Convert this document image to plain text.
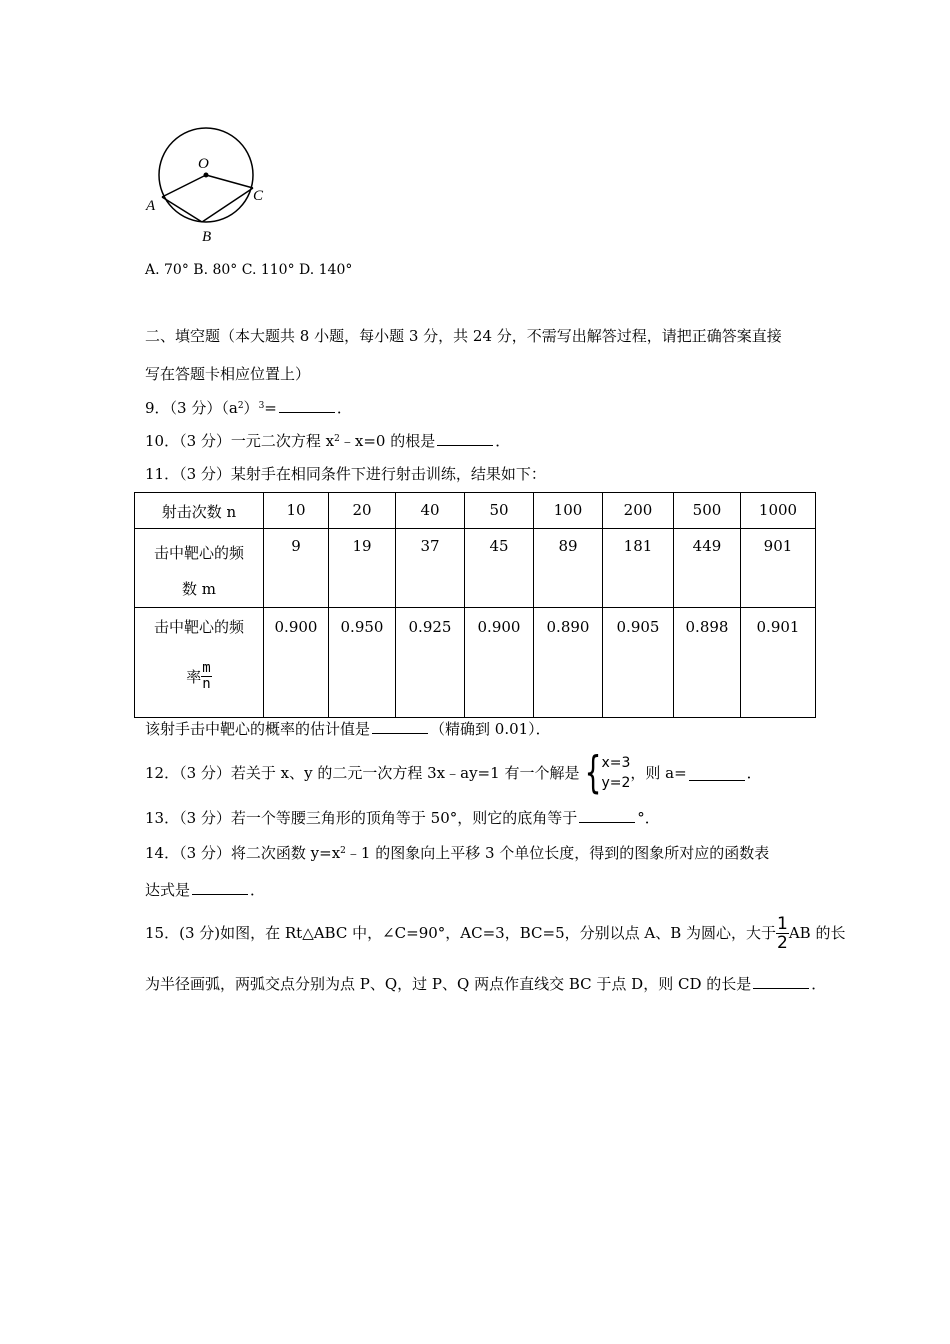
O
A
B
C
A. 70° B. 80° C. 110° D. 140°
二、填空题（本大题共 8 小题，每小题 3 分，共 24 分，不需写出解答过程，请把正确答案直接
写在答题卡相应位置上）
9．（3 分）$(a^2)^3=$	．
10．（3 分）一元二次方程 $x^2﹣x=0$ 的根是	．
11．（3 分）某射手在相同条件下进行射击训练，结果如下：
射击次数 n	10	20	40	50	100	200	500	1000

击中靶心的频
数 m	9	19	37	45	89	181	449	901

击中靶心的频
率 $\frac{m}{n}$	0.900	0.950	0.925	0.900	0.890	0.905	0.898	0.901
该射手击中靶心的概率的估计值是	（精确到 0.01）．
12．（3 分）若关于 x、y 的二元一次方程 3x﹣ay=1 有一个解是 { x=3
y=2
，则 a=	．
13．（3 分）若一个等腰三角形的顶角等于 50°，则它的底角等于	°．
14．（3 分）将二次函数 $y=x^2﹣1$ 的图象向上平移 3 个单位长度，得到的图象所对应的函数表
达式是	．
15．(3 分)如图，在 Rt△ABC 中，∠C=90°，AC=3，BC=5，分别以点 A、B 为圆心，大于 $\frac{1}{2}$ AB 的长
为半径画弧，两弧交点分别为点 P、Q，过 P、Q 两点作直线交 BC 于点 D，则 CD 的长是	．
